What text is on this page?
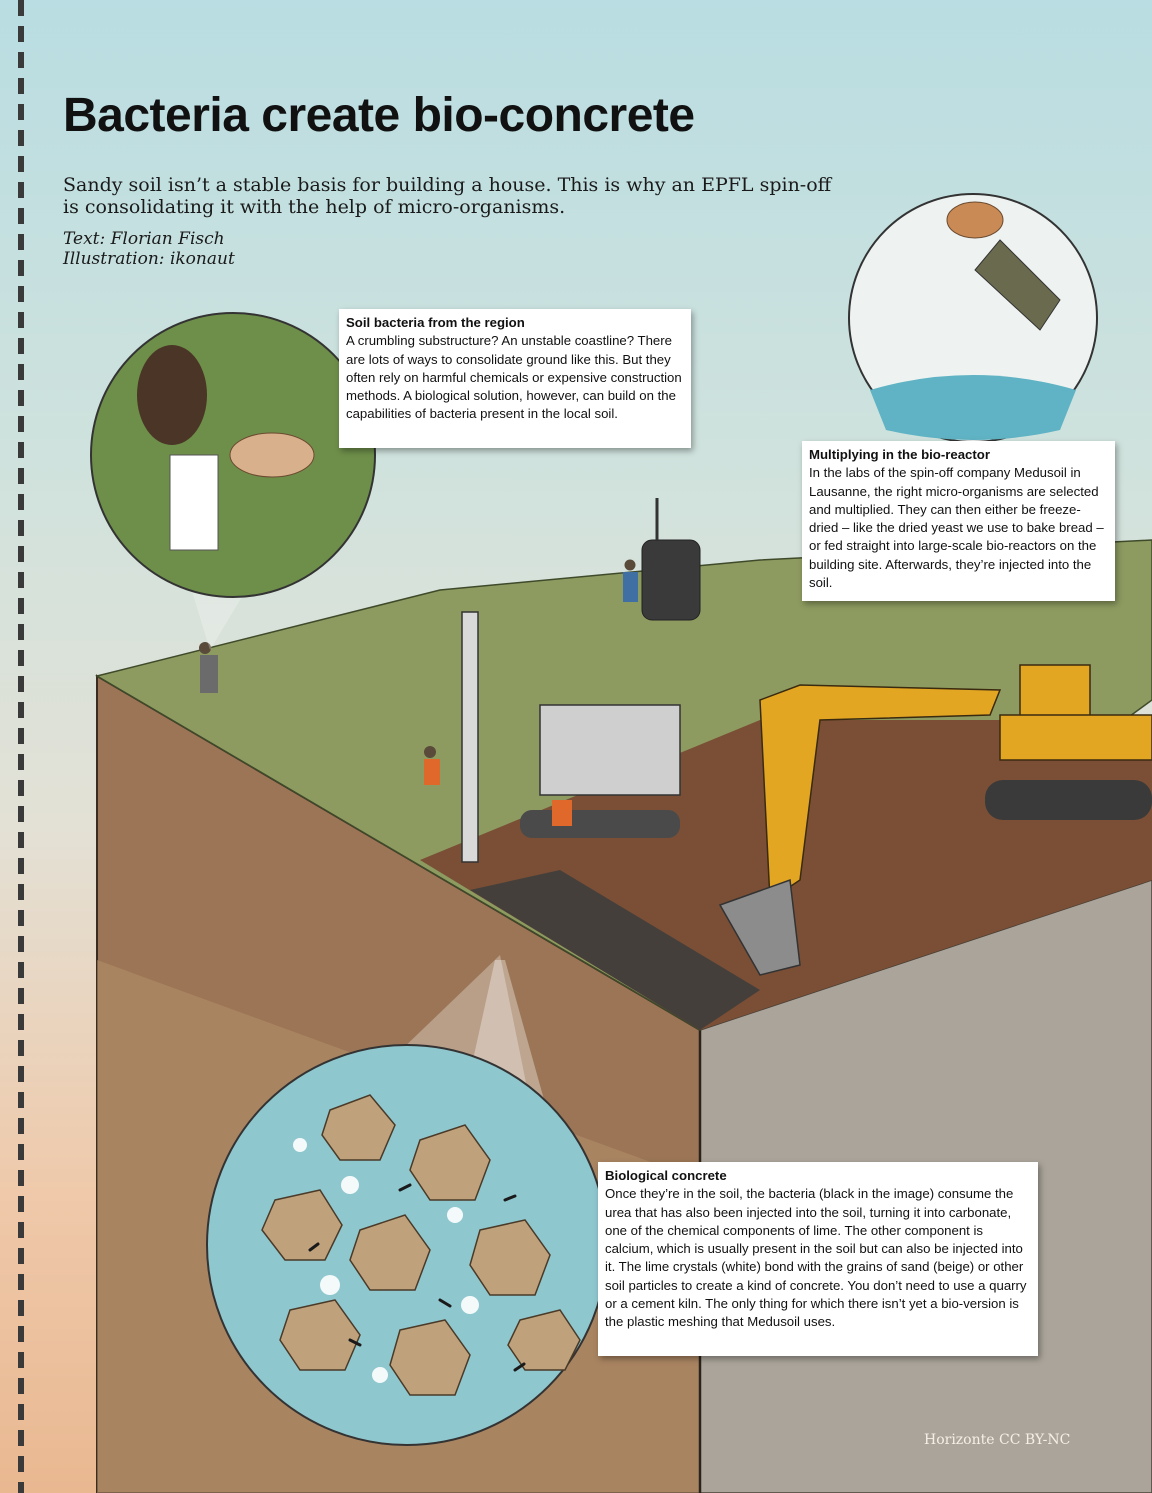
Bacteria create bio-concrete

Sandy soil isn’t a stable basis for building a house. This is why an EPFL spin-off is consolidating it with the help of micro-organisms.

Text: Florian Fisch
Illustration: ikonaut
Soil bacteria from the region
A crumbling substructure? An unstable coastline? There are lots of ways to consolidate ground like this. But they often rely on harmful chemicals or expensive construction methods. A biological solution, however, can build on the capabilities of bacteria present in the local soil.
Multiplying in the bio-reactor
In the labs of the spin-off company Medusoil in Lausanne, the right micro-organisms are selected and multiplied. They can then either be freeze-dried – like the dried yeast we use to bake bread – or fed straight into large-scale bio-reactors on the building site. Afterwards, they’re injected into the soil.
Biological concrete
Once they’re in the soil, the bacteria (black in the image) consume the urea that has also been injected into the soil, turning it into carbonate, one of the chemical components of lime. The other component is calcium, which is usually present in the soil but can also be injected into it. The lime crystals (white) bond with the grains of sand (beige) or other soil particles to create a kind of concrete. You don’t need to use a quarry or a cement kiln. The only thing for which there isn’t yet a bio-version is the plastic meshing that Medusoil uses.
Horizonte CC BY-NC
